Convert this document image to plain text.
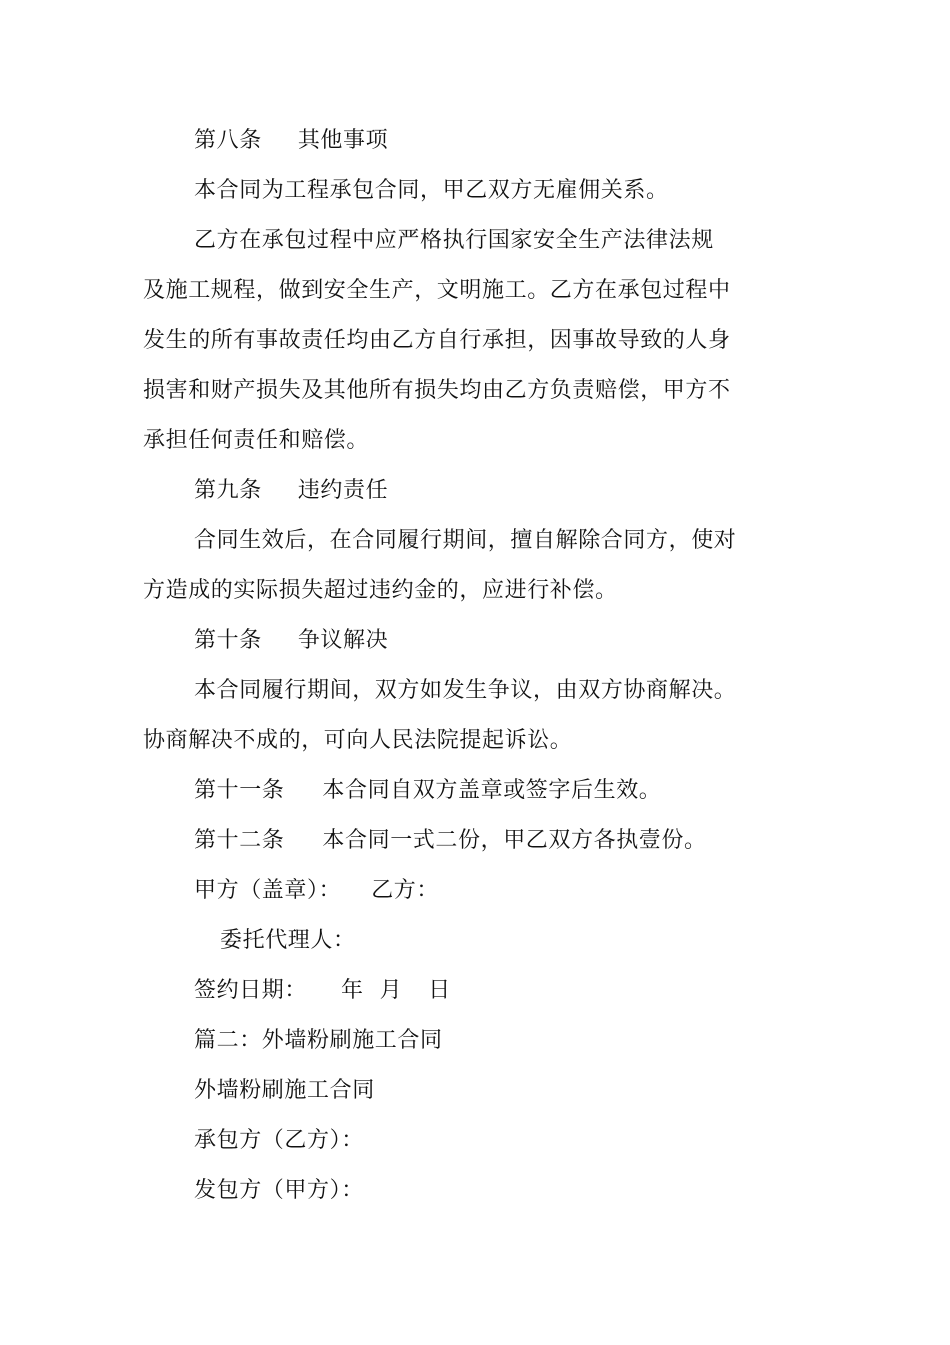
第八条 其他事项
本合同为工程承包合同，甲乙双方无雇佣关系。
乙方在承包过程中应严格执行国家安全生产法律法规
及施工规程，做到安全生产，文明施工。乙方在承包过程中
发生的所有事故责任均由乙方自行承担，因事故导致的人身
损害和财产损失及其他所有损失均由乙方负责赔偿，甲方不
承担任何责任和赔偿。
第九条 违约责任
合同生效后，在合同履行期间，擅自解除合同方，使对
方造成的实际损失超过违约金的，应进行补偿。
第十条 争议解决
本合同履行期间，双方如发生争议，由双方协商解决。
协商解决不成的，可向人民法院提起诉讼。
第十一条 本合同自双方盖章或签字后生效。
第十二条 本合同一式二份，甲乙双方各执壹份。
甲方（盖章）： 乙方：
委托代理人：
签约日期： 年 月 日
篇二：外墙粉刷施工合同
外墙粉刷施工合同
承包方（乙方）：
发包方（甲方）：
